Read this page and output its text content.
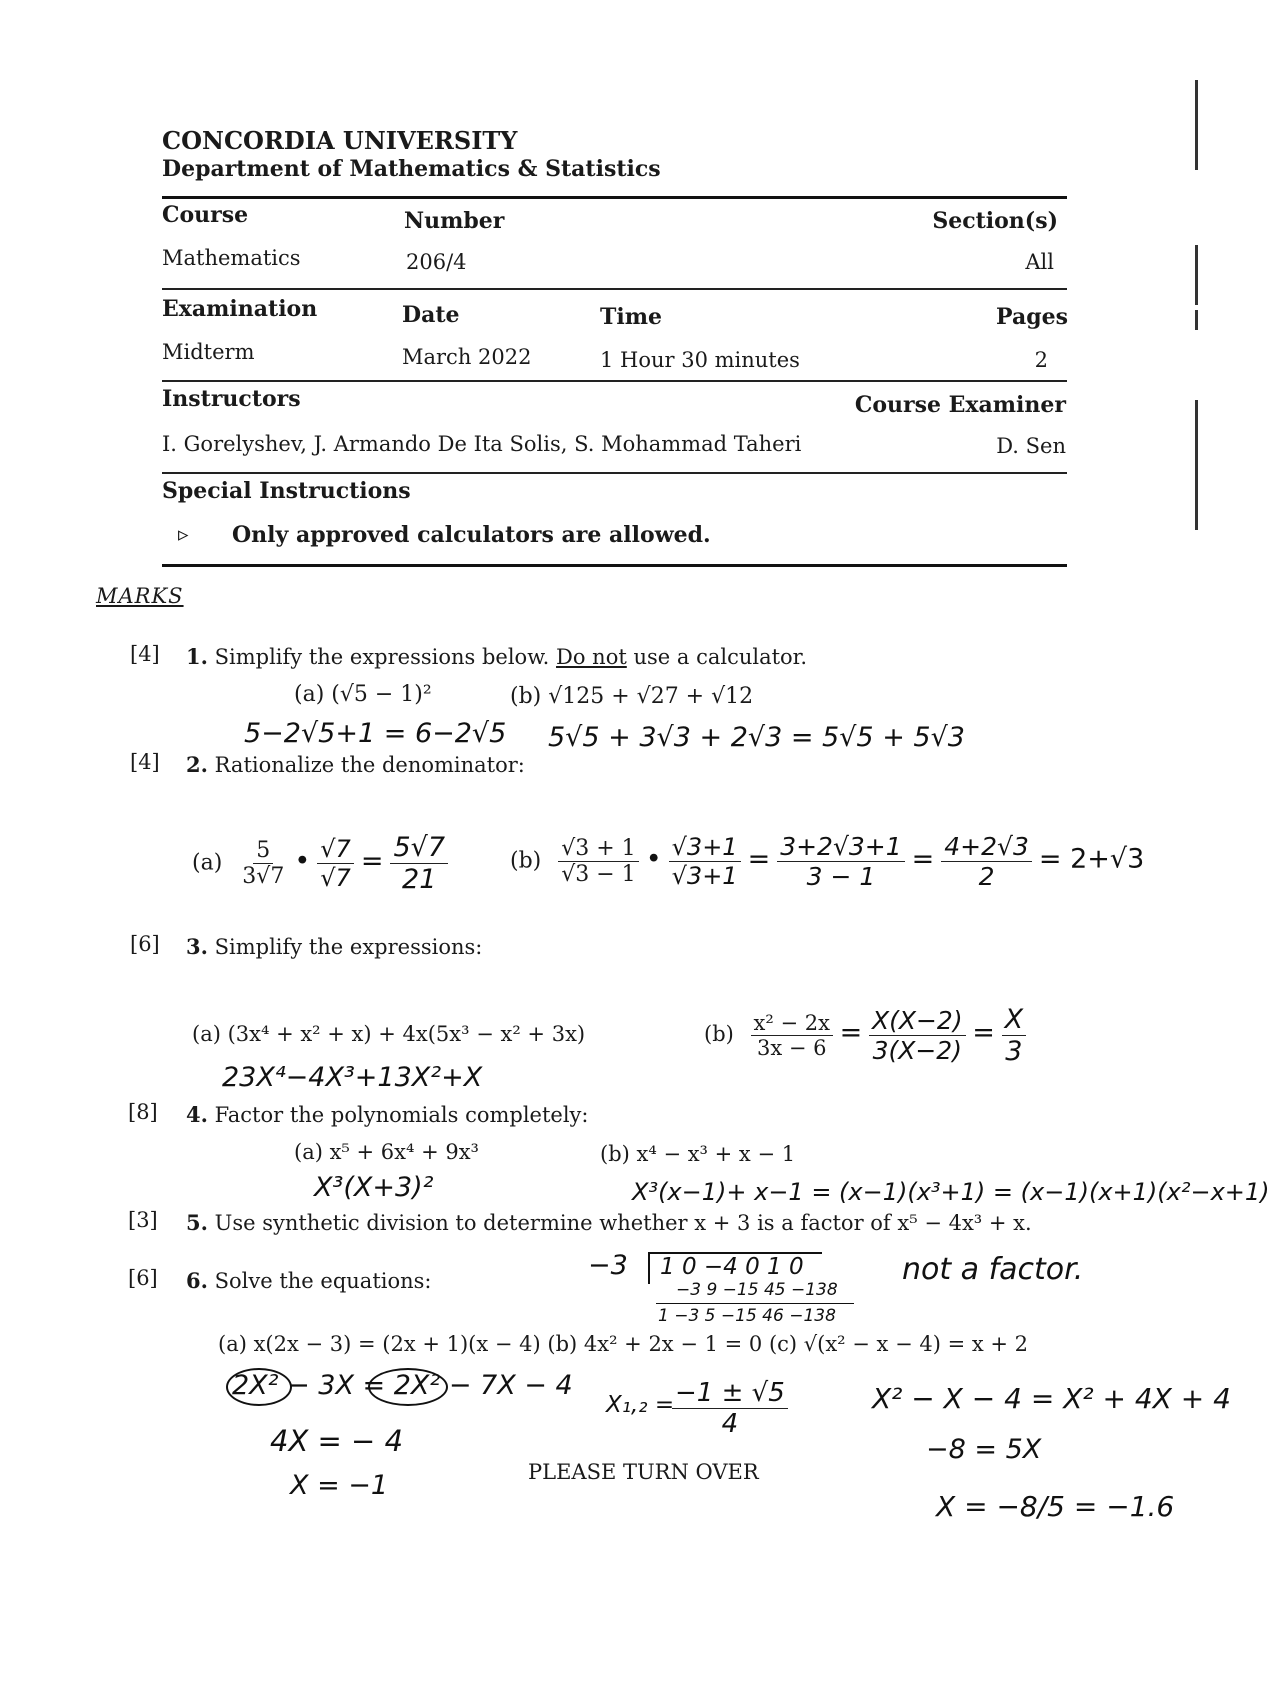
CONCORDIA UNIVERSITY
Department of Mathematics & Statistics
Course	Number	Section(s)
Mathematics	206/4	All
Examination	Date	Time	Pages
Midterm	March 2022	1 Hour 30 minutes	2
Instructors	Course Examiner
I. Gorelyshev, J. Armando De Ita Solis, S. Mohammad Taheri	D. Sen
Special Instructions
▹ Only approved calculators are allowed.
MARKS
[4] 1. Simplify the expressions below. Do not use a calculator.
(a) (√5 − 1)²	(b) √125 + √27 + √12
5−2√5+1 = 6−2√5 5√5 + 3√3 + 2√3 = 5√5 + 5√3
[4] 2. Rationalize the denominator:
$(a) \frac{5}{3√7}$ • $\frac{√7}{√7} = \frac{5√7}{21}$	$(b) \frac{√3 + 1}{√3 - 1}$ • $\frac{√3+1}{√3+1} = \frac{3+2√3+1}{3 - 1} = \frac{4+2√3}{2} = 2+√3$
[6] 3. Simplify the expressions:
(a) (3x⁴ + x² + x) + 4x(5x³ − x² + 3x)
23X⁴−4X³+13X²+X
$(b) \frac{\text{x² − 2x}}{3x - 6} = \frac{X(X-2)}{3(X-2)} = \frac{X}{3}$
[8] 4. Factor the polynomials completely:
(a) x⁵ + 6x⁴ + 9x³	(b) x⁴ − x³ + x − 1
X³(X+3)²	X³(x−1)+ x−1 = (x−1)(x³+1) = (x−1)(x+1)(x²−x+1)
[3] 5. Use synthetic division to determine whether x + 3 is a factor of x⁵ − 4x³ + x.
[6] 6. Solve the equations:	−3 1 0 −4 0 1 0
−3 9 −15 45 −138
1 −3 5 −15 46 −138
not a factor.
(a) x(2x − 3) = (2x + 1)(x − 4) (b) 4x² + 2x − 1 = 0 (c) √(x² − x − 4) = x + 2
2X² − 3X = 2X² − 7X − 4
4X = − 4
X = −1
X₁,₂ =
$\frac{-1 \pm √5}{4}$	X² − X − 4 = X² + 4X + 4
−8 = 5X
X = −8/5 = −1.6
PLEASE TURN OVER
